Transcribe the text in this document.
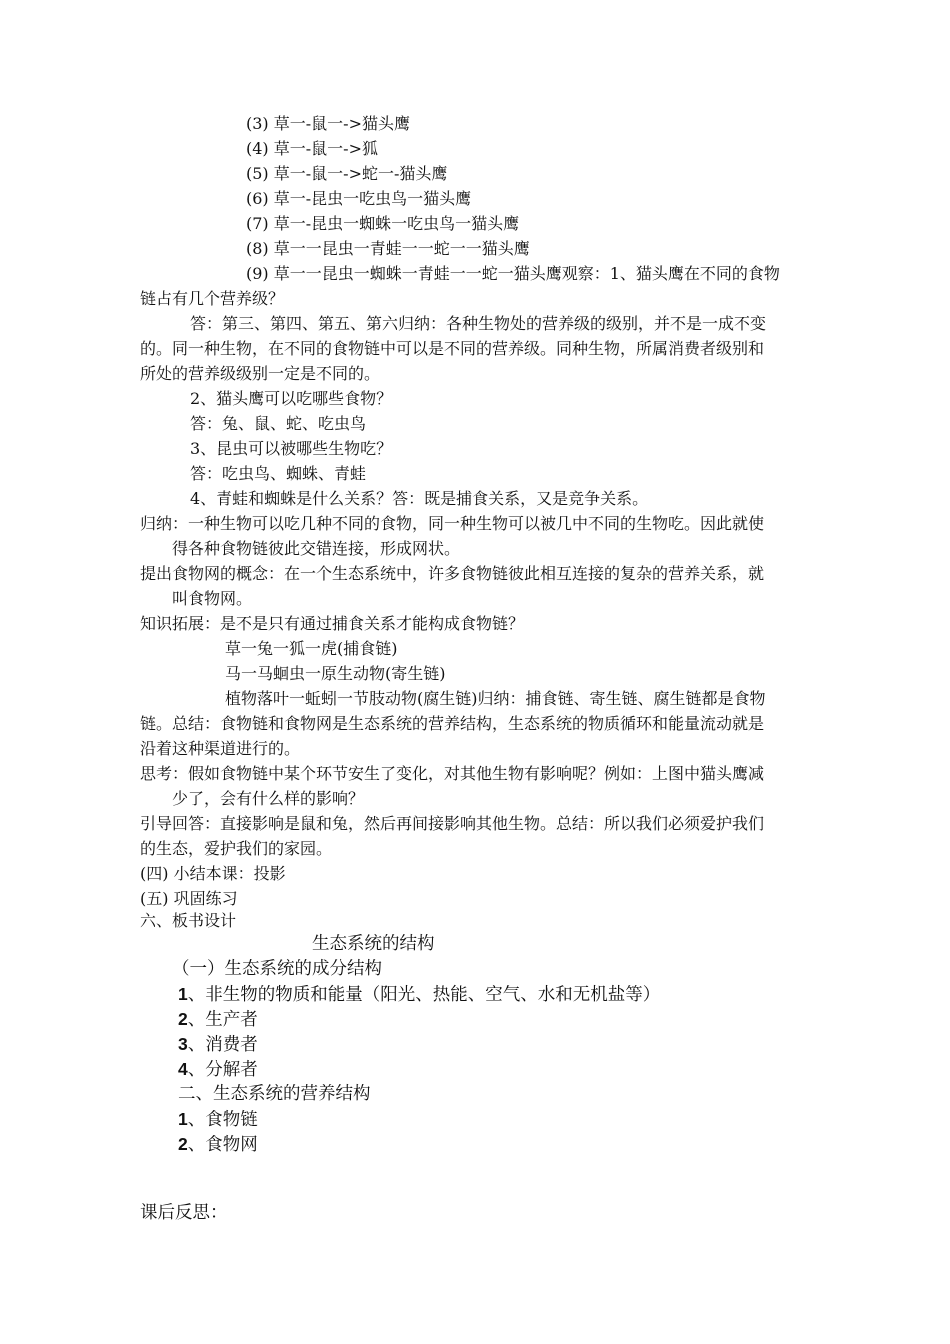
(3) 草一-鼠一->猫头鹰
(4) 草一-鼠一->狐
(5) 草一-鼠一->蛇一-猫头鹰
(6) 草一-昆虫一吃虫鸟一猫头鹰
(7) 草一-昆虫一蜘蛛一吃虫鸟一猫头鹰
(8) 草一一昆虫一青蛙一一蛇一一猫头鹰
(9) 草一一昆虫一蜘蛛一青蛙一一蛇一猫头鹰观察：1、猫头鹰在不同的食物
链占有几个营养级？
答：第三、第四、第五、第六归纳：各种生物处的营养级的级别，并不是一成不变
的。同一种生物，在不同的食物链中可以是不同的营养级。同种生物，所属消费者级别和
所处的营养级级别一定是不同的。
2、猫头鹰可以吃哪些食物？
答：兔、鼠、蛇、吃虫鸟
3、昆虫可以被哪些生物吃？
答：吃虫鸟、蜘蛛、青蛙
4、青蛙和蜘蛛是什么关系？答：既是捕食关系，又是竞争关系。
归纳：一种生物可以吃几种不同的食物，同一种生物可以被几中不同的生物吃。因此就使
得各种食物链彼此交错连接，形成网状。
提出食物网的概念：在一个生态系统中，许多食物链彼此相互连接的复杂的营养关系，就
叫食物网。
知识拓展：是不是只有通过捕食关系才能构成食物链？
草一兔一狐一虎(捕食链)
马一马蛔虫一原生动物(寄生链)
植物落叶一蚯蚓一节肢动物(腐生链)归纳：捕食链、寄生链、腐生链都是食物
链。总结：食物链和食物网是生态系统的营养结构，生态系统的物质循环和能量流动就是
沿着这种渠道进行的。
思考：假如食物链中某个环节安生了变化，对其他生物有影响呢？例如：上图中猫头鹰减
少了，会有什么样的影响？
引导回答：直接影响是鼠和兔，然后再间接影响其他生物。总结：所以我们必须爱护我们
的生态，爱护我们的家园。
(四) 小结本课：投影
(五) 巩固练习
六、板书设计
生态系统的结构
（一）生态系统的成分结构
1、非生物的物质和能量（阳光、热能、空气、水和无机盐等）
2、生产者
3、消费者
4、分解者
二、生态系统的营养结构
1、食物链
2、食物网
课后反思：
